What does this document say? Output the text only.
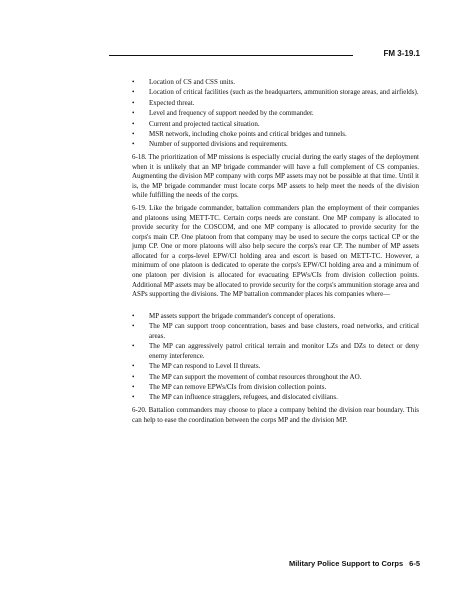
FM 3-19.1
• Location of CS and CSS units.
• Location of critical facilities (such as the headquarters, ammunition storage areas, and airfields).
• Expected threat.
• Level and frequency of support needed by the commander.
• Current and projected tactical situation.
• MSR network, including choke points and critical bridges and tunnels.
• Number of supported divisions and requirements.

6-18. The prioritization of MP missions is especially crucial during the early stages of the deployment when it is unlikely that an MP brigade commander will have a full complement of CS companies. Augmenting the division MP company with corps MP assets may not be possible at that time. Until it is, the MP brigade commander must locate corps MP assets to help meet the needs of the division while fulfilling the needs of the corps.

6-19. Like the brigade commander, battalion commanders plan the employment of their companies and platoons using METT-TC. Certain corps needs are constant. One MP company is allocated to provide security for the COSCOM, and one MP company is allocated to provide security for the corps's main CP. One platoon from that company may be used to secure the corps tactical CP or the jump CP. One or more platoons will also help secure the corps's rear CP. The number of MP assets allocated for a corps-level EPW/CI holding area and escort is based on METT-TC. However, a minimum of one platoon is dedicated to operate the corps's EPW/CI holding area and a minimum of one platoon per division is allocated for evacuating EPWs/CIs from division collection points. Additional MP assets may be allocated to provide security for the corps's ammunition storage area and ASPs supporting the divisions. The MP battalion commander places his companies where—

• MP assets support the brigade commander's concept of operations.
• The MP can support troop concentration, bases and base clusters, road networks, and critical areas.
• The MP can aggressively patrol critical terrain and monitor LZs and DZs to detect or deny enemy interference.
• The MP can respond to Level II threats.
• The MP can support the movement of combat resources throughout the AO.
• The MP can remove EPWs/CIs from division collection points.
• The MP can influence stragglers, refugees, and dislocated civilians.

6-20. Battalion commanders may choose to place a company behind the division rear boundary. This can help to ease the coordination between the corps MP and the division MP.

Military Police Support to Corps 6-5
